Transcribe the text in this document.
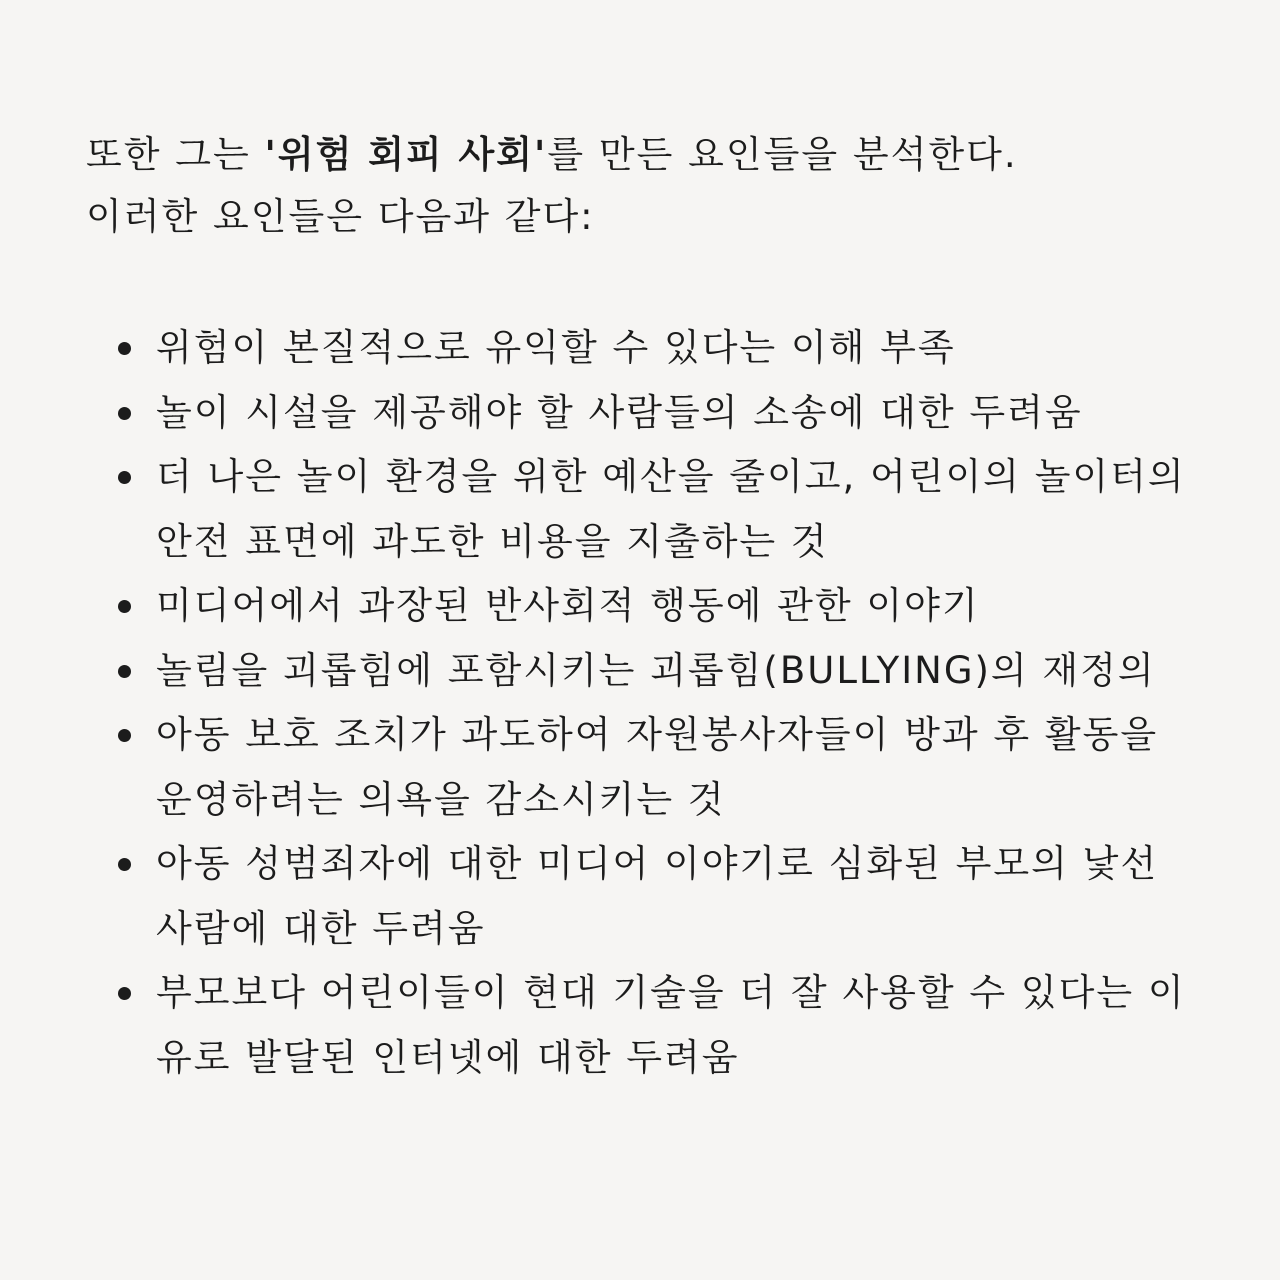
또한 그는 '위험 회피 사회'를 만든 요인들을 분석한다.
이러한 요인들은 다음과 같다:

위험이 본질적으로 유익할 수 있다는 이해 부족
놀이 시설을 제공해야 할 사람들의 소송에 대한 두려움
더 나은 놀이 환경을 위한 예산을 줄이고, 어린이의 놀이터의 안전 표면에 과도한 비용을 지출하는 것
미디어에서 과장된 반사회적 행동에 관한 이야기
놀림을 괴롭힘에 포함시키는 괴롭힘(BULLYING)의 재정의
아동 보호 조치가 과도하여 자원봉사자들이 방과 후 활동을 운영하려는 의욕을 감소시키는 것
아동 성범죄자에 대한 미디어 이야기로 심화된 부모의 낯선 사람에 대한 두려움
부모보다 어린이들이 현대 기술을 더 잘 사용할 수 있다는 이유로 발달된 인터넷에 대한 두려움
